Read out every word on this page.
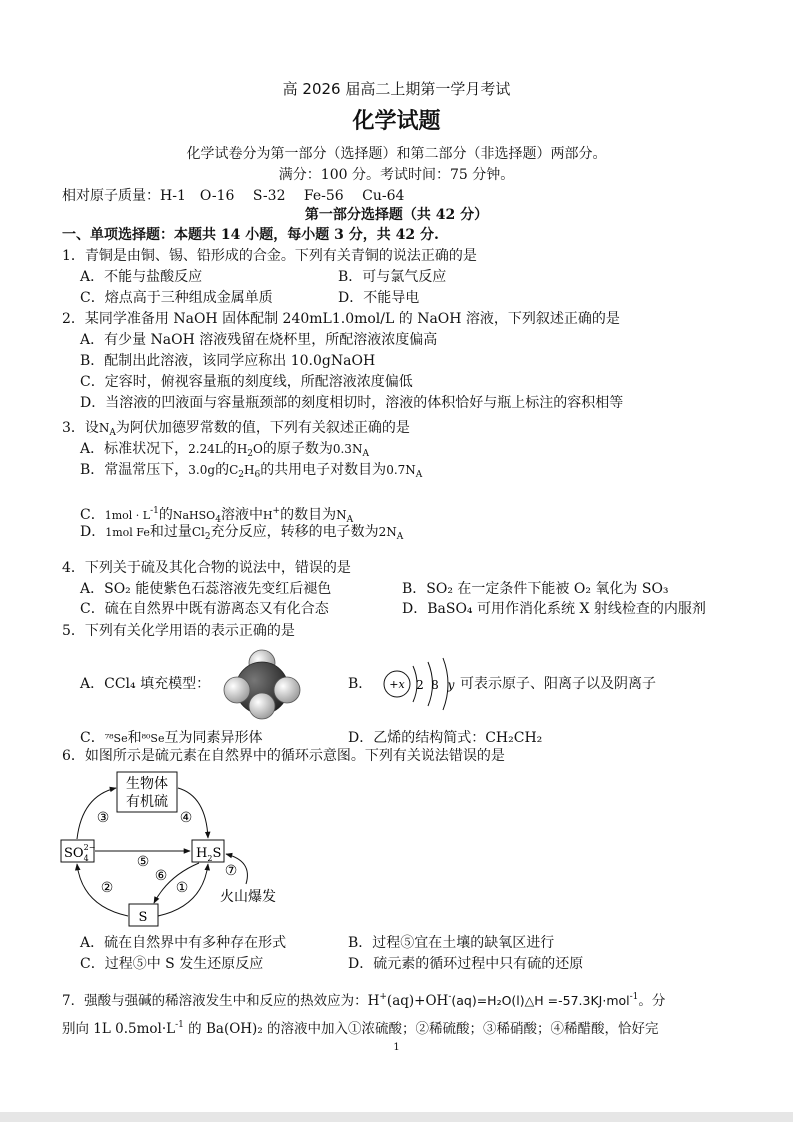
高 2026 届高二上期第一学月考试
化学试题
化学试卷分为第一部分（选择题）和第二部分（非选择题）两部分。
满分：100 分。考试时间：75 分钟。
相对原子质量：H-1　O-16　 S-32　 Fe-56　 Cu-64
第一部分选择题（共 42 分）
一、单项选择题：本题共 14 小题，每小题 3 分，共 42 分.
1．青铜是由铜、锡、铅形成的合金。下列有关青铜的说法正确的是
A．不能与盐酸反应	B．可与氯气反应
C．熔点高于三种组成金属单质	D．不能导电
2．某同学准备用 NaOH 固体配制 240mL1.0mol/L 的 NaOH 溶液，下列叙述正确的是
A．有少量 NaOH 溶液残留在烧杯里，所配溶液浓度偏高
B．配制出此溶液，该同学应称出 10.0gNaOH
C．定容时，俯视容量瓶的刻度线，所配溶液浓度偏低
D．当溶液的凹液面与容量瓶颈部的刻度相切时，溶液的体积恰好与瓶上标注的容积相等
3．设$N_A$为阿伏加德罗常数的值，下列有关叙述正确的是
A．标准状况下，2.24L的$H_2O$的原子数为$0.3N_A$
B．常温常压下，3.0g的$C_2H_6$的共用电子对数目为$0.7N_A$
C．$1mol \cdot L^{-1}$的NaHSO$_4$溶液中H+的数目为$N_A$
D．1mol Fe和过量$Cl_2$充分反应，转移的电子数为$2N_A$
4．下列关于硫及其化合物的说法中，错误的是
A．SO₂ 能使紫色石蕊溶液先变红后褪色	B．SO₂ 在一定条件下能被 O₂ 氧化为 SO₃
C．硫在自然界中既有游离态又有化合态	D．BaSO₄ 可用作消化系统 X 射线检查的内服剂
5．下列有关化学用语的表示正确的是
A．CCl₄ 填充模型：	B． +x 2 8 y 可表示原子、阳离子以及阴离子
C．⁷⁸Se和⁸⁰Se互为同素异形体	D．乙烯的结构简式：CH₂CH₂
6．如图所示是硫元素在自然界中的循环示意图。下列有关说法错误的是
生物体
有机硫
$SO_42-$	$H_2S$
S
③	④
⑤
⑥
①
②
⑦
火山爆发
A．硫在自然界中有多种存在形式	B．过程⑤宜在土壤的缺氧区进行
C．过程⑤中 S 发生还原反应	D．硫元素的循环过程中只有硫的还原
7．强酸与强碱的稀溶液发生中和反应的热效应为：H+(aq)+OH-(aq)=H₂O(l)△H =-57.3KJ·mol$^{-1}$。分
别向 1L $0.5mol\cdot L^{-1}$ 的 Ba(OH)₂ 的溶液中加入①浓硫酸；②稀硫酸；③稀硝酸；④稀醋酸，恰好完
1
